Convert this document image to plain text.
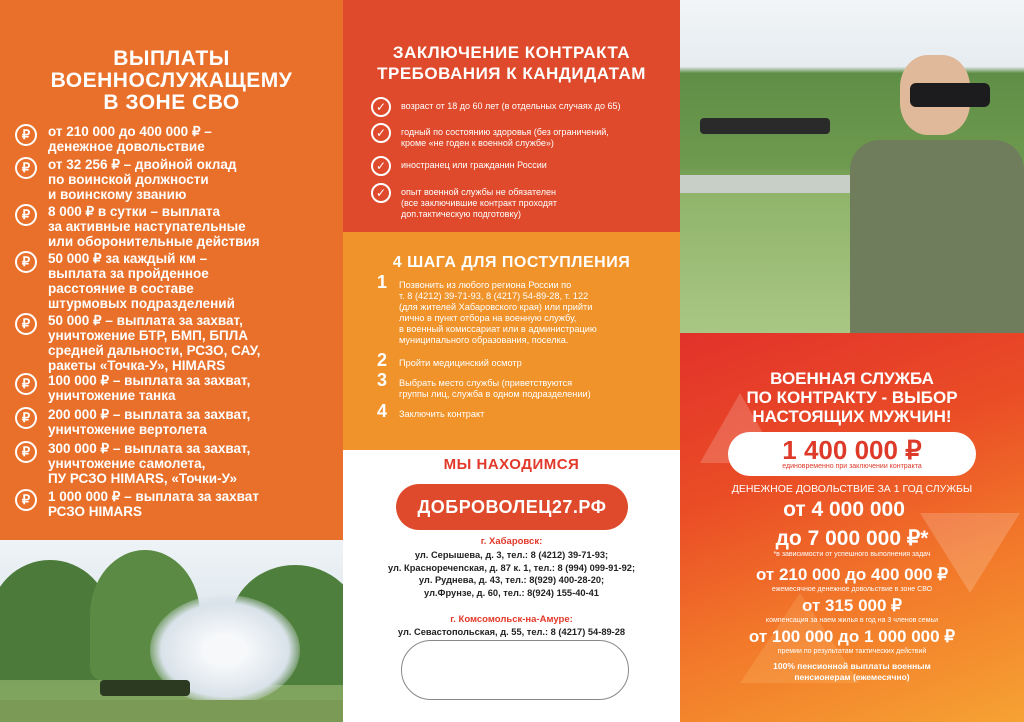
ВЫПЛАТЫ
ВОЕННОСЛУЖАЩЕМУ
В ЗОНЕ СВО
₽	от 210 000 до 400 000 ₽ –
денежное довольствие
₽	от 32 256 ₽ – двойной оклад
по воинской должности
и воинскому званию
₽	8 000 ₽ в сутки – выплата
за активные наступательные
или оборонительные действия
₽	50 000 ₽ за каждый км –
выплата за пройденное
расстояние в составе
штурмовых подразделений
₽	50 000 ₽ – выплата за захват,
уничтожение БТР, БМП, БПЛА
средней дальности, РСЗО, САУ,
ракеты «Точка-У», HIMARS
₽	100 000 ₽ – выплата за захват,
уничтожение танка
₽	200 000 ₽ – выплата за захват,
уничтожение вертолета
₽	300 000 ₽ – выплата за захват,
уничтожение самолета,
ПУ РСЗО HIMARS, «Точки-У»
₽	1 000 000 ₽ – выплата за захват
РСЗО HIMARS
ЗАКЛЮЧЕНИЕ КОНТРАКТА
ТРЕБОВАНИЯ К КАНДИДАТАМ
✓	возраст от 18 до 60 лет (в отдельных случаях до 65)
✓	годный по состоянию здоровья (без ограничений,
кроме «не годен к военной службе»)
✓	иностранец или гражданин России
✓	опыт военной службы не обязателен
(все заключившие контракт проходят
доп.тактическую подготовку)
4 ШАГА ДЛЯ ПОСТУПЛЕНИЯ
1 Позвонить из любого региона России по
т. 8 (4212) 39-71-93, 8 (4217) 54-89-28, т. 122
(для жителей Хабаровского края) или прийти
лично в пункт отбора на военную службу,
в военный комиссариат или в администрацию
муниципального образования, поселка.
2 Пройти медицинский осмотр
3 Выбрать место службы (приветствуются
группы лиц, служба в одном подразделении)
4 Заключить контракт
МЫ НАХОДИМСЯ
ДОБРОВОЛЕЦ27.РФ
г. Хабаровск:
ул. Серышева, д. 3, тел.: 8 (4212) 39-71-93;
ул. Красноречenская, д. 87 к. 1, тел.: 8 (994) 099-91-92;
ул. Руднева, д. 43, тел.: 8(929) 400-28-20;
ул.Фрунзе, д. 60, тел.: 8(924) 155-40-41
г. Комсомольск-на-Амуре:
ул. Севастопольская, д. 55, тел.: 8 (4217) 54-89-28
ВОЕННАЯ СЛУЖБА
ПО КОНТРАКТУ - ВЫБОР
НАСТОЯЩИХ МУЖЧИН!
1 400 000 ₽
единовременно при заключении контракта
ДЕНЕЖНОЕ ДОВОЛЬСТВИЕ ЗА 1 ГОД СЛУЖБЫ
от 4 000 000
до 7 000 000 ₽*
*в зависимости от успешного выполнения задач
от 210 000 до 400 000 ₽
ежемесячное денежное довольствие в зоне СВО
от 315 000 ₽
компенсация за наем жилья в год на 3 членов семьи
от 100 000 до 1 000 000 ₽
премии по результатам тактических действий
100% пенсионной выплаты военным
пенсионерам (ежемесячно)
